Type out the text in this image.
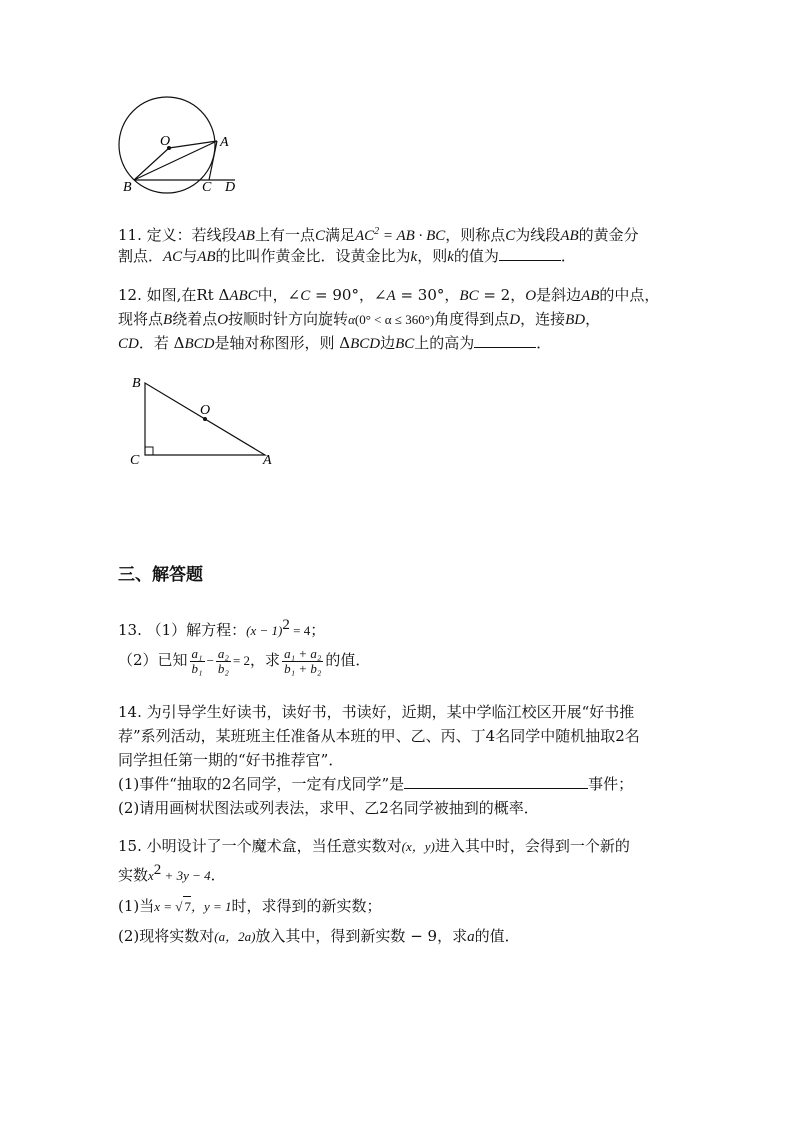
O	A
B	C D
11. 定义：若线段AB上有一点C满足$AC^2$ = AB · BC，则称点C为线段AB的黄金分
割点．AC与AB的比叫作黄金比．设黄金比为k，则k的值为	．
12. 如图,在Rt ΔABC中，∠C = 90°，∠A = 30°，BC = 2，O是斜边AB的中点，
现将点B绕着点O按顺时针方向旋转α(0° < α ≤ 360°)角度得到点D，连接BD，
CD．若 ΔBCD是轴对称图形，则 ΔBCD边BC上的高为	．
B
O
C	A
三、解答题
13. （1）解方程：$(x - 1)^2 = 4$；
（2）已知 $\frac{\text{a₁}}{\text{b₁}} - \frac{\text{a₂}}{\text{b₂}} = 2$，求 $\frac{\text{a₁ + a₂}}{\text{b₁ + b₂}}$ 的值．
14. 为引导学生好读书，读好书，书读好，近期，某中学临江校区开展“好书推
荐”系列活动，某班班主任准备从本班的甲、乙、丙、丁4名同学中随机抽取2名
同学担任第一期的“好书推荐官”．
(1)事件“抽取的2名同学，一定有戊同学”是	事件；
(2)请用画树状图法或列表法，求甲、乙2名同学被抽到的概率．
15. 小明设计了一个魔术盒，当任意实数对(x，y)进入其中时，会得到一个新的
实数$x^2 + 3y - 4$．
(1)当x = √ 7，y = 1时，求得到的新实数；
(2)现将实数对(a，2a)放入其中，得到新实数 − 9，求a的值．
